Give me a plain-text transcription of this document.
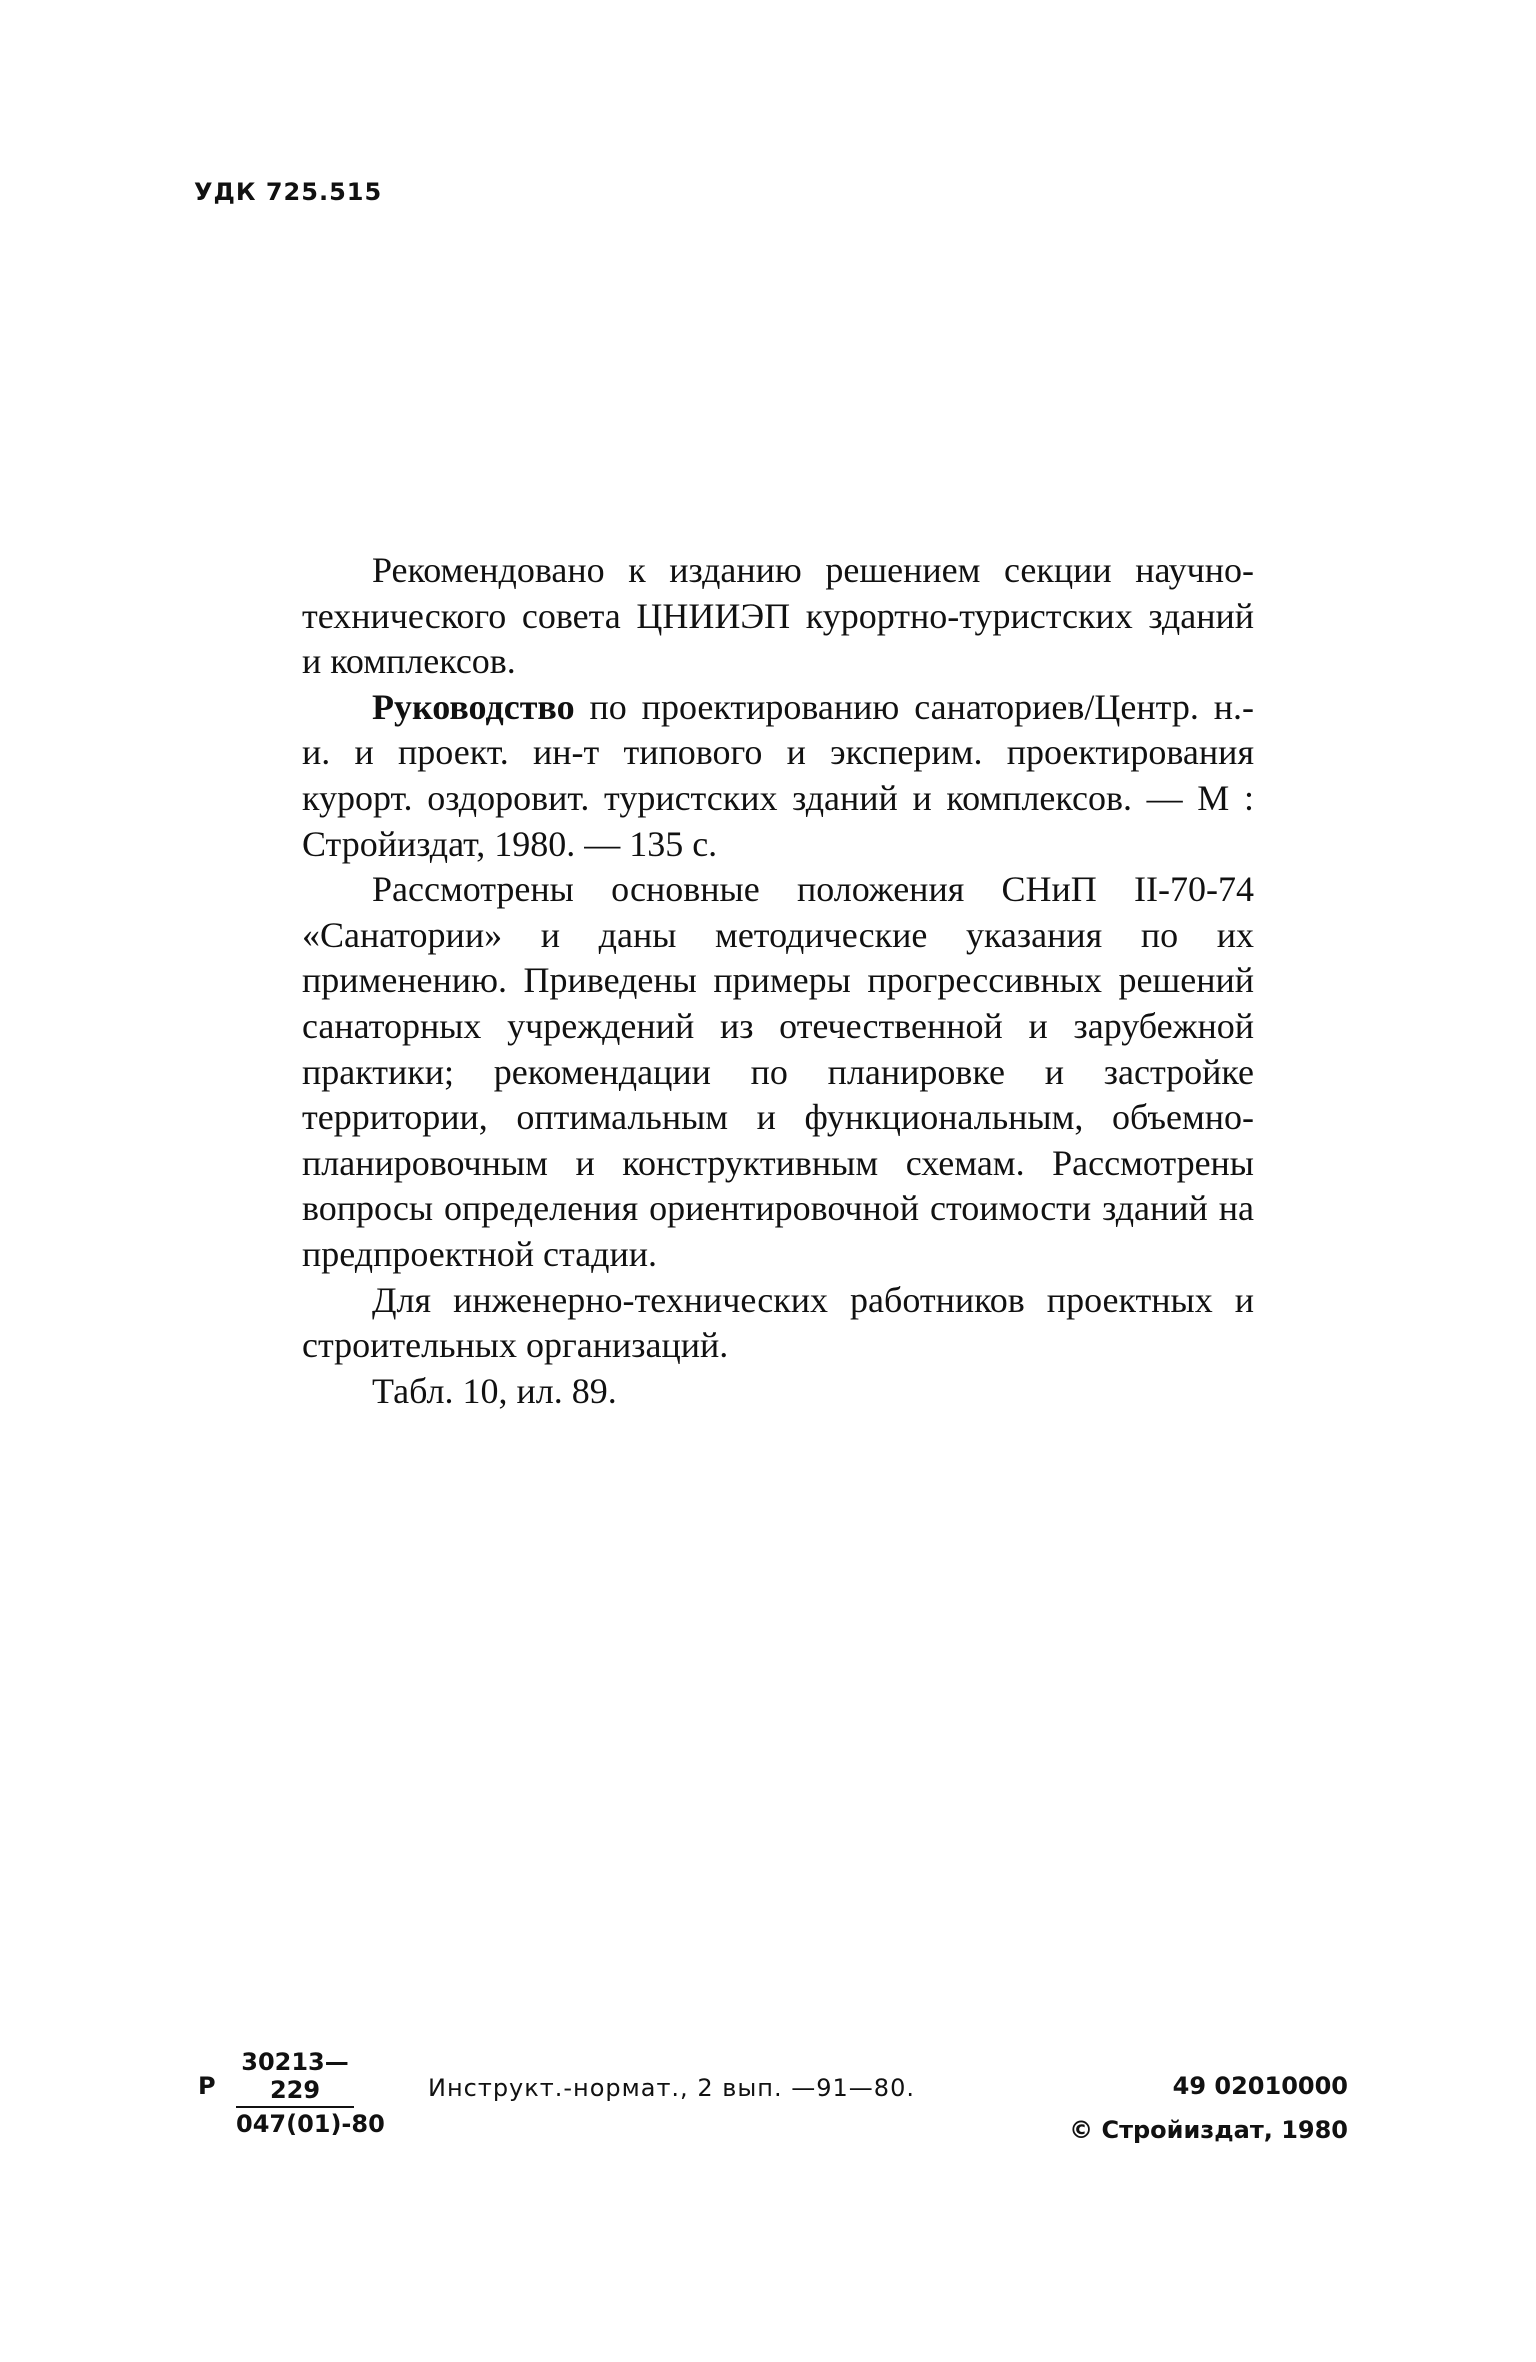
УДК 725.515

Рекомендовано к изданию решением секции научно-технического совета ЦНИИЭП курортно-туристских зданий и комплексов.

Руководство по проектированию санаториев/Центр. н.-и. и проект. ин-т типового и эксперим. проектирования курорт. оздоровит. туристских зданий и комплексов. — М : Стройиздат, 1980. — 135 с.

Рассмотрены основные положения СНиП II-70-74 «Санатории» и даны методические указания по их применению. Приведены примеры прогрессивных решений санаторных учреждений из отечественной и зарубежной практики; рекомендации по планировке и застройке территории, оптимальным и функциональным, объемно-планировочным и конструктивным схемам. Рассмотрены вопросы определения ориентировочной стоимости зданий на предпроектной стадии.

Для инженерно-технических работников проектных и строительных организаций.

Табл. 10, ил. 89.

Р $\frac{30213—229}{047(01)-80}$	Инструкт.-нормат., 2 вып. —91—80.	49 02010000
© Стройиздат, 1980
